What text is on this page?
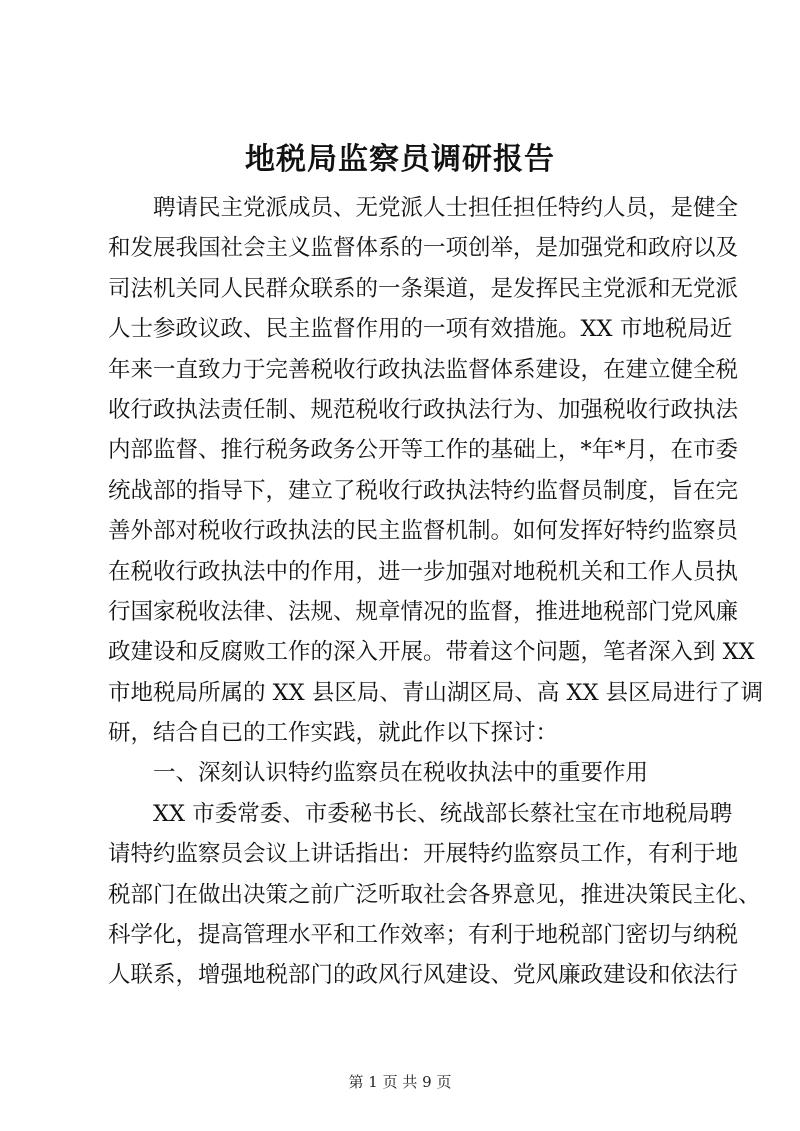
地税局监察员调研报告
聘请民主党派成员、无党派人士担任担任特约人员，是健全
和发展我国社会主义监督体系的一项创举，是加强党和政府以及
司法机关同人民群众联系的一条渠道，是发挥民主党派和无党派
人士参政议政、民主监督作用的一项有效措施。XX 市地税局近
年来一直致力于完善税收行政执法监督体系建设，在建立健全税
收行政执法责任制、规范税收行政执法行为、加强税收行政执法
内部监督、推行税务政务公开等工作的基础上，*年*月，在市委
统战部的指导下，建立了税收行政执法特约监督员制度，旨在完
善外部对税收行政执法的民主监督机制。如何发挥好特约监察员
在税收行政执法中的作用，进一步加强对地税机关和工作人员执
行国家税收法律、法规、规章情况的监督，推进地税部门党风廉
政建设和反腐败工作的深入开展。带着这个问题，笔者深入到 XX
市地税局所属的 XX 县区局、青山湖区局、高 XX 县区局进行了调
研，结合自已的工作实践，就此作以下探讨：
一、深刻认识特约监察员在税收执法中的重要作用
XX 市委常委、市委秘书长、统战部长蔡社宝在市地税局聘
请特约监察员会议上讲话指出：开展特约监察员工作，有利于地
税部门在做出决策之前广泛听取社会各界意见，推进决策民主化、
科学化，提高管理水平和工作效率；有利于地税部门密切与纳税
人联系，增强地税部门的政风行风建设、党风廉政建设和依法行
第 1 页 共 9 页
